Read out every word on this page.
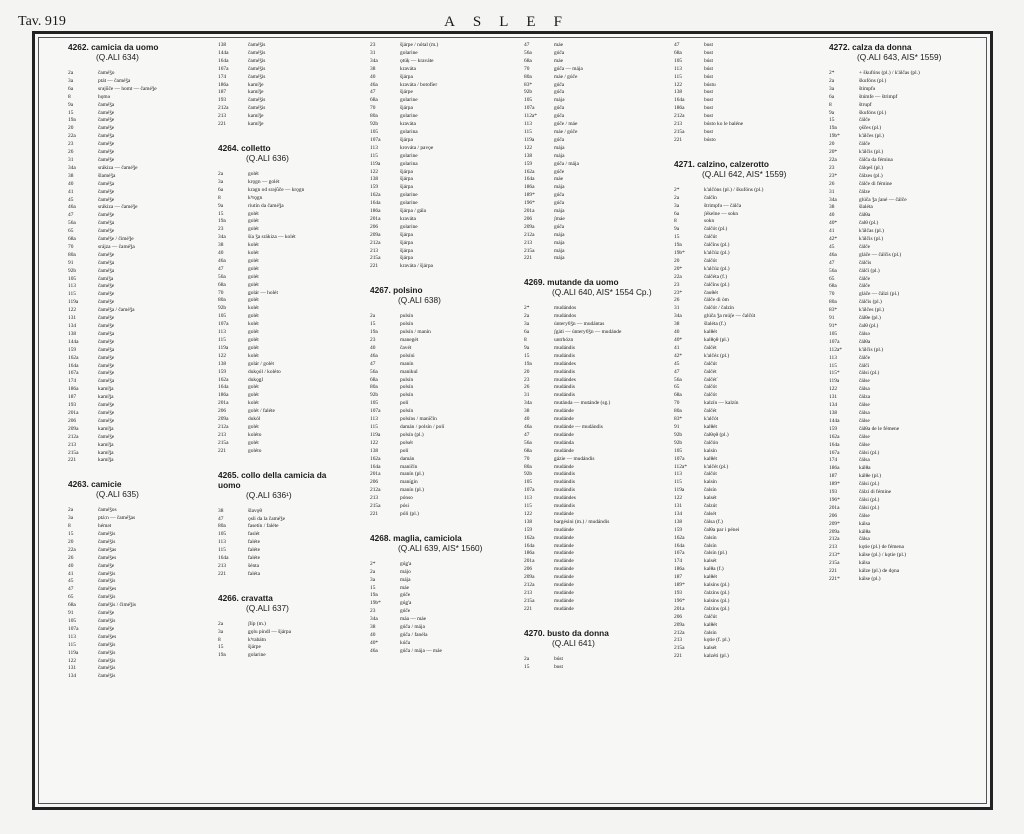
Tav. 919	ASLEF
4262. camicia da uomo
(Q.ALI 634)
2a	čaméǯo
3a	ptát — čaméǯa
6a	srəjǘčе — homt — čaméǯe
8	hǫmə
9a	čaméǯa
15	čaméǯe
19a	čaméǯe
20	čaméǯe
22a	čaméǯa
23	čaméǯe
26	čaméǯe
31	čaméǯe
34a	srákiza — čaméǯe
38	šlaméǯa
40	čaméǯa
41	čaméǯe
45	čaméǯe
46a	srákiza — čaméǯe
47	čaméǯe
56a	čaméǯa
65	čaméǯe
68a	čaméǯe / čiméǯe
70	srájza — čaméǯa
80a	čaméǯe
91	čaméǯa
92b	čaméǯa
105	čamíǯa
113	čaméǯe
115	čaméǯe
119a	čaméǯe
122	čaméǯa / čaméǯa
131	čaméǯe
134	čaméǯe
138	čaméǯa
144a	čaméǯe
159	čaméǯa
162a	čaméǯe
164a	čaméǯe
167a	čaméǯe
174	čaméǯa
186a	kamíǯa
187	kamíǯa
193	čaméǯe
201a	čaméǯe
206	čaméǯe
209a	kamíǯa
212a	čaméǯe
213	kamíǯa
215a	kamíǯa
221	kamíǯa
4263. camicie
(Q.ALI 635)
2a	čaméǯos
3a	ptáːn — čaméǯas
8	hémət
15	čaméǯis
20	čaméǯis
22a	čaméǯas
26	čaméǯes
40	čaméǯe
41	čaméǯis
45	čaméǯis
47	čaméǯes
65	čaméǯis
68a	čaméǯis / čiméǯis
91	čaméǯe
105	čaméǯis
107a	čaméǯe
113	čaméǯes
115	čaméǯis
119a	čaméǯis
122	čaméǯis
131	čaméǯis
134	čaméǯis
138	čaméǯis
144a	čaméǯis
164a	čaméǯis
167a	čaméǯis
174	čaméǯis
186a	kamíǯe
187	kamíǯe
193	čaméǯis
212a	čaméǯis
213	kamíǯe
221	kamíǯe
4264. colletto
(Q.ALI 636)
2a	golét
3a	krǫgn — golét
6a	kragn od srəjǘčе — krǫgn
8	kʰrǫgn
9a	riutín da čaméǯa
15	golét
19a	golét
23	golét
34a	šía ǯa srákiza — kolét
38	kolét
40	kolét
46a	golét
47	golét
56a	golét
68a	golét
70	ǥolár — holét
80a	golét
92b	kolét
105	golét
107a	kolét
113	golét
115	golét
119a	golét
122	kolét
138	golár / golét
159	dukǫól / kolétо
162a	dukǫǥl
164a	golét
186a	golét
201a	kolét
206	golét / faléte
209a	dukól
212a	golét
213	kolétо
215a	golét
221	golétо
4265. collo della camicia da uomo
(Q.ALI 636¹)
38	šlavǫθ
47	ǫsli da la čaméǯe
80a	fasetín / faléte
105	faslét
113	faléte
115	faléte
164a	faléte
213	šénta
221	faléta
4266. cravatta
(Q.ALI 637)
2a	ʃlíp (m.)
3a	ǥǫlu pindl — šjárpa
8	kʰrabátn
15	šjárpe
19a	golarine
23	šjárpe / nótal (m.)
31	golarine
34a	ǫtúḳ — kraváte
38	kraváta
40	šjárpa
46a	kraváta / botofíer
47	šjárpe
68a	golarine
70	šjárpa
80a	golarine
92b	kraváta
105	golarina
107a	šjárpa
113	krováta / pavǫe
115	golarine
119a	golarina
122	šjárpa
138	šjárpa
159	šjárpa
162a	golarine
164a	golarine
186a	šjárpa / gála
201a	kraváta
206	golarine
209a	šjárpa
212a	šjárpa
213	šjárpa
215a	šjárpa
221	kraváta / šjárpa
4267. polsino
(Q.ALI 638)
2a	pulsín
15	polsín
19a	pulsín / manín
23	manegét
40	čavét
46a	polsíni
47	manín
56a	manikul
68a	pulsín
80a	polsín
92b	polsín
105	polí
107a	polsín
113	polsíns / manīčín
115	damán / polsín / polí
119a	polsín (pl.)
122	polsét
138	polí
162a	damán
164a	maničín
201a	manín (pl.)
206	maníǥin
212a	manín (pl.)
213	pónso
215a	pósi
221	póli (pl.)
4268. maglia, camiciola
(Q.ALI 639, AIS* 1560)
2*	gúǥ'a
2a	májo
3a	májа
15	máe
19a	gúče
19b*	gúǥ'a
23	gúče
34a	máa — máe
38	gúča / mája
40	gúča / fanéla
40*	kúča
46a	gúča / mája — máe
47	máe
56a	gúča
68a	máe
70	ǥúča — mája
80a	máe / gúče
83*	gúča
92b	gúča
105	májə
107a	gúča
112a*	gúča
113	gúče / máe
115	máe / gúče
119a	gúča
122	mája
138	mája
159	gúča / mája
162a	gúče
164a	máe
186a	mája
189*	gúča
196*	gúča
201a	mája
206	ʃmáe
209a	gúča
212a	mája
213	mája
215a	mája
221	mája
4269. mutande da uomo
(Q.ALI 640, AIS* 1554 Cp.)
2*	mudándos
2a	mudándos
3a	úntery6ǯn — mudántas
6a	ʃgáti — úntery6ǯn — mudánde
8	untrhózn
9a	mudándis
15	mudándis
19a	mudándes
20	mudándis
23	mudándes
26	mudándis
31	mudándis
34a	mutánda — mutánde (sg.)
38	mudánde
40	mudánde
46a	mudánde — mudándis
47	mudánde
56a	mudánda
68a	mudánde
70	ǥázie — mudándis
80a	mudánde
92b	mudándis
105	mudándis
107a	mudándis
113	mudándes
115	mudándis
122	mudánde
138	bargésini (m.) / mudándis
159	mudánde
162a	mudánde
164a	mudánde
186a	mudánde
201a	mudánde
206	mudánde
209a	mudánde
212a	mudánde
213	mudánde
215a	mudánde
221	mudánde
4270. busto da donna
(Q.ALI 641)
2a	búst
15	bust
47	bust
68a	bust
105	búst
113	búst
115	búst
122	bústu
138	bust
164a	bust
186a	bust
212a	bust
213	bústo ko le baléne
215a	bust
221	bústo
4271. calzino, calzerotto
(Q.ALI 642, AIS* 1559)
2*	k'alčóns (pl.) / škufóns (pl.)
2a	čalčín
3a	štrimpfə — čálča
6a	ʃékelne — sokn
8	sokn
9a	čalčót (pl.)
15	čalčút
19a	čalčíns (pl.)
19b*	k'alčúz (pl.)
20	čalčót
20*	k'alčúz (pl.)
22a	čalčéta (f.)
23	čalčíns (pl.)
23*	čauθét
26	čálče di òm
31	čalčót / čalzín
34a	glúča ǯa múʃe — čalčút
38	šlaléta (f.)
40	kalθét
40*	kalθǫθ (pl.)
41	čalčét
42*	k'alčéz (pl.)
45	čalčút
47	čalčét
56a	čalčéť
65	čalčót
68a	čalčót
70	kalzín — kalzín
80a	čalčét
83*	k'alčót
91	kalθét
92b	čalθǫθ (pl.)
92b	čalčón
105	kalsín
107a	kalθét
112a*	k'alčét (pl.)
113	čalčót
115	kalsín
119a	čalsín
122	kalsét
131	čalzút
134	čalsét
138	čálsa (f.)
159	čalθa par i pénei
162a	čalsín
164a	čalsín
167a	čalsín (pl.)
174	kalsét
186a	kalθa (f.)
187	kalθét
189*	kalsíns (pl.)
193	čalzíns (pl.)
196*	kalsíns (pl.)
201a	čalzíns (pl.)
206	čalčút
209a	kalθét
212a	čalsín
213	kǫ́tie (f. pl.)
215a	kalsét
221	kalzéti (pl.)
4272. calza da donna
(Q.ALI 643, AIS* 1559)
2*	+ škufóns (pl.) / k'álčas (pl.)
2a	škufóns (pl.)
3a	štimpfə
6a	štúmfe — štrimpf
8	štrupf
9a	škufóns (pl.)
15	čálče
19a	ǫ́ščes (pl.)
19b*	k'álčes (pl.)
20	čálče
20*	k'álčis (pl.)
22a	čálča da fémina
23	čálqeš (pl.)
23*	čálzes (pl.)
26	čálče di fémine
31	čálze
34a	glúča ǯa ʃané — čálče
38	šlaléta
40	čálθa
40*	čalθ (pl.)
41	k'álčas (pl.)
42*	k'álčis (pl.)
45	čálče
46a	gláče — čálčis (pl.)
47	čálčis
56a	čálči (pl.)
65	čálče
68a	čálče
70	gláče — čálzi (pl.)
80a	čálčis (pl.)
83*	k'álčes (pl.)
91	čálθe (pl.)
91*	čalθ (pl.)
105	čálsə
107a	čálθa
112a*	k'álčis (pl.)
113	čálče
115	čálči
115*	čálsi (pl.)
119a	čálse
122	čálsa
131	čálza
134	čálse
138	čálsa
144a	čálse
159	čálθa de le fémene
162a	čálse
164a	čálse
167a	čálsi (pl.)
174	čálsa
186a	kálθa
187	kálθe (pl.)
189*	čálsi (pl.)
193	čálzi di fémine
196*	čálsi (pl.)
201a	čálsi (pl.)
206	čálse
209*	kálsa
209a	kálθa
212a	čálsa
213	kǫ́tie (pl.) de fémena
213*	kálse (pl.) / kǫ́tie (pl.)
215a	kálsa
221	kálze (pl.) de dǫ́na
221*	kálse (pl.)
